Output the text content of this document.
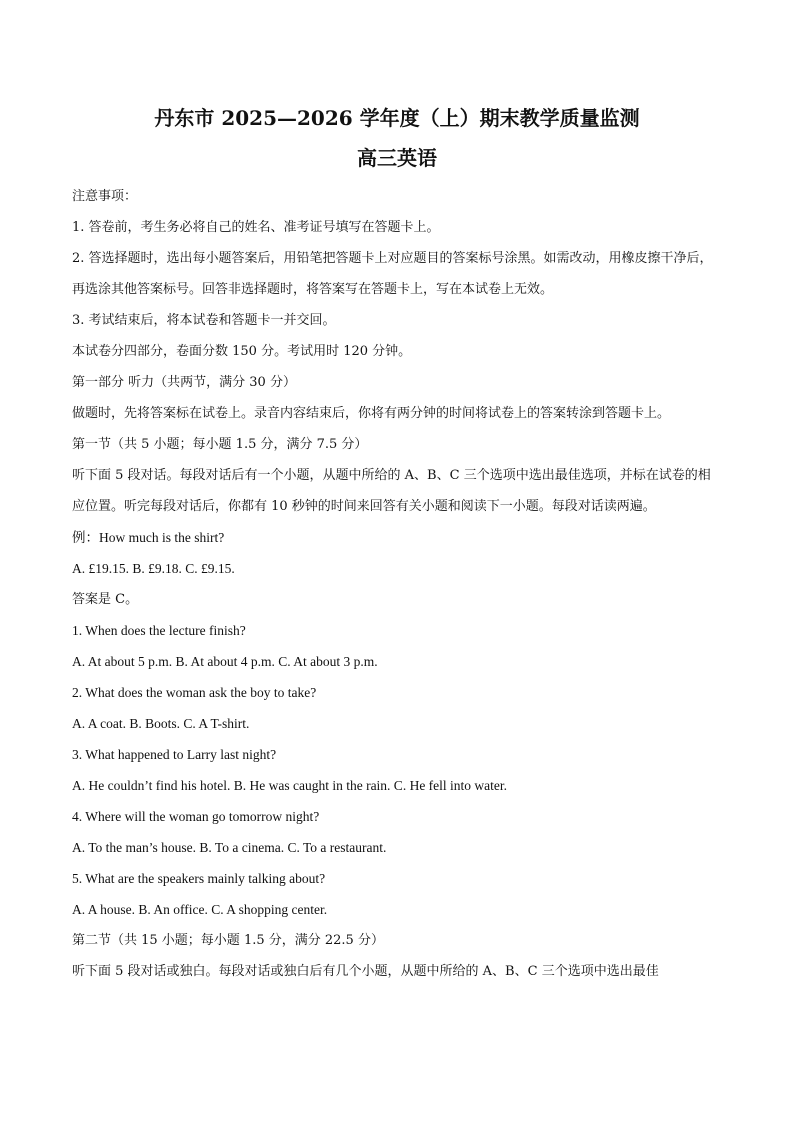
丹东市 2025—2026 学年度（上）期末教学质量监测
高三英语

注意事项：

1. 答卷前，考生务必将自己的姓名、准考证号填写在答题卡上。

2. 答选择题时，选出每小题答案后，用铅笔把答题卡上对应题目的答案标号涂黑。如需改动，用橡皮擦干净后，再选涂其他答案标号。回答非选择题时，将答案写在答题卡上，写在本试卷上无效。

3. 考试结束后，将本试卷和答题卡一并交回。

本试卷分四部分，卷面分数 150 分。考试用时 120 分钟。

第一部分 听力（共两节，满分 30 分）

做题时，先将答案标在试卷上。录音内容结束后，你将有两分钟的时间将试卷上的答案转涂到答题卡上。

第一节（共 5 小题；每小题 1.5 分，满分 7.5 分）

听下面 5 段对话。每段对话后有一个小题，从题中所给的 A、B、C 三个选项中选出最佳选项，并标在试卷的相应位置。听完每段对话后，你都有 10 秒钟的时间来回答有关小题和阅读下一小题。每段对话读两遍。

例：How much is the shirt?

A. £19.15. B. £9.18. C. £9.15.

答案是 C。

1. When does the lecture finish?

A. At about 5 p.m. B. At about 4 p.m. C. At about 3 p.m.

2. What does the woman ask the boy to take?

A. A coat. B. Boots. C. A T-shirt.

3. What happened to Larry last night?

A. He couldn’t find his hotel. B. He was caught in the rain. C. He fell into water.

4. Where will the woman go tomorrow night?

A. To the man’s house. B. To a cinema. C. To a restaurant.

5. What are the speakers mainly talking about?

A. A house. B. An office. C. A shopping center.

第二节（共 15 小题；每小题 1.5 分，满分 22.5 分）

听下面 5 段对话或独白。每段对话或独白后有几个小题，从题中所给的 A、B、C 三个选项中选出最佳
